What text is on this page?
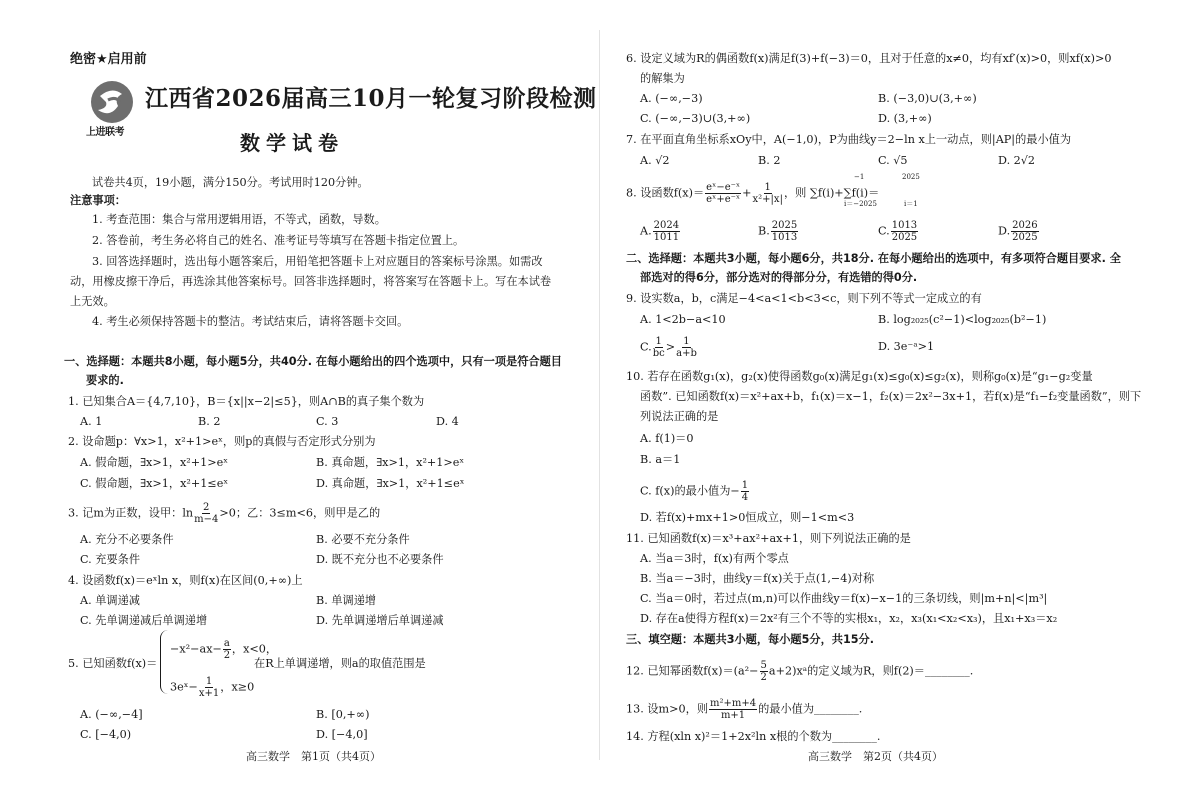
绝密★启用前
上进联考
江西省2026届高三10月一轮复习阶段检测
数学试卷
试卷共4页，19小题，满分150分。考试用时120分钟。
注意事项：
1. 考查范围：集合与常用逻辑用语，不等式，函数，导数。
2. 答卷前，考生务必将自己的姓名、准考证号等填写在答题卡指定位置上。
3. 回答选择题时，选出每小题答案后，用铅笔把答题卡上对应题目的答案标号涂黑。如需改
动，用橡皮擦干净后，再选涂其他答案标号。回答非选择题时，将答案写在答题卡上。写在本试卷
上无效。
4. 考生必须保持答题卡的整洁。考试结束后，请将答题卡交回。
一、选择题：本题共8小题，每小题5分，共40分. 在每小题给出的四个选项中，只有一项是符合题目
要求的.
1. 已知集合A＝{4,7,10}，B＝{x||x−2|≤5}，则A∩B的真子集个数为
A. 1	B. 2	C. 3	D. 4
2. 设命题p：∀x>1，x²+1>eˣ，则p的真假与否定形式分别为
A. 假命题，∃x>1，x²+1>eˣ	B. 真命题，∃x>1，x²+1>eˣ
C. 假命题，∃x>1，x²+1≤eˣ	D. 真命题，∃x>1，x²+1≤eˣ
3. 记m为正数，设甲：$\ln \frac{2}{m-4} >0$；乙：3≤m<6，则甲是乙的
A. 充分不必要条件	B. 必要不充分条件
C. 充要条件	D. 既不充分也不必要条件
4. 设函数f(x)＝eˣln x，则f(x)在区间(0,+∞)上
A. 单调递减	B. 单调递增
C. 先单调递减后单调递增	D. 先单调递增后单调递减
5. 已知函数f(x)＝
$-x^2-ax- \frac{a}{2}$ ，x<0，
3eˣ− $\frac{1}{x+1}$ ，x≥0
在R上单调递增，则a的取值范围是
A. (−∞,−4]	B. [0,+∞)
C. [−4,0)	D. [−4,0]
高三数学　第1页（共4页）
6. 设定义域为R的偶函数f(x)满足f(3)+f(−3)＝0，且对于任意的x≠0，均有xf′(x)>0，则xf(x)>0
的解集为
A. (−∞,−3)	B. (−3,0)∪(3,+∞)
C. (−∞,−3)∪(3,+∞)	D. (3,+∞)
7. 在平面直角坐标系xOy中，A(−1,0)，P为曲线y＝2−ln x上一动点，则|AP|的最小值为
A. √2	B. 2	C. √5	D. 2√2
8. 设函数$f(x)= \frac{\text{eˣ−e⁻ˣ}}{\text{eˣ+e⁻ˣ}} + \frac{1}{\text{x²+|x|}}$ ，则 ∑f(i)+∑f(i)＝
−1
i＝−2025
2025
i＝1
A. $\frac{2024}{1011}$	B. $\frac{2025}{1013}$	C. $\frac{1013}{2025}$	D. $\frac{2026}{2025}$
二、选择题：本题共3小题，每小题6分，共18分. 在每小题给出的选项中，有多项符合题目要求. 全
部选对的得6分，部分选对的得部分分，有选错的得0分.
9. 设实数a，b，c满足−4<a<1<b<3<c，则下列不等式一定成立的有
A. 1<2b−a<10	B. log₂₀₂₅(c²−1)<log₂₀₂₅(b²−1)
C. $\frac{1}{bc} > \frac{1}{a+b}$	D. 3e⁻ᵃ>1
10. 若存在函数g₁(x)，g₂(x)使得函数g₀(x)满足g₁(x)≤g₀(x)≤g₂(x)，则称g₀(x)是“g₁−g₂变量
函数”. 已知函数f(x)＝x²+ax+b，f₁(x)＝x−1，f₂(x)＝2x²−3x+1，若f(x)是“f₁−f₂变量函数”，则下
列说法正确的是
A. f(1)＝0
B. a＝1
C. f(x)的最小值为− $\frac{1}{4}$
D. 若f(x)+mx+1>0恒成立，则−1<m<3
11. 已知函数f(x)＝x³+ax²+ax+1，则下列说法正确的是
A. 当a＝3时，f(x)有两个零点
B. 当a＝−3时，曲线y＝f(x)关于点(1,−4)对称
C. 当a＝0时，若过点(m,n)可以作曲线y＝f(x)−x−1的三条切线，则|m+n|<|m³|
D. 存在a使得方程f(x)＝2x²有三个不等的实根x₁，x₂，x₃(x₁<x₂<x₃)，且x₁+x₃＝x₂
三、填空题：本题共3小题，每小题5分，共15分.
12. 已知幂函数$f(x)=(a^2- \frac{5}{2}$ a+2)xᵃ的定义域为R，则f(2)＝________.
13. 设m>0，则 $\frac{\text{m²+m+4}}{m+1}$ 的最小值为________.
14. 方程(xln x)²＝1+2x²ln x根的个数为________.
高三数学　第2页（共4页）
